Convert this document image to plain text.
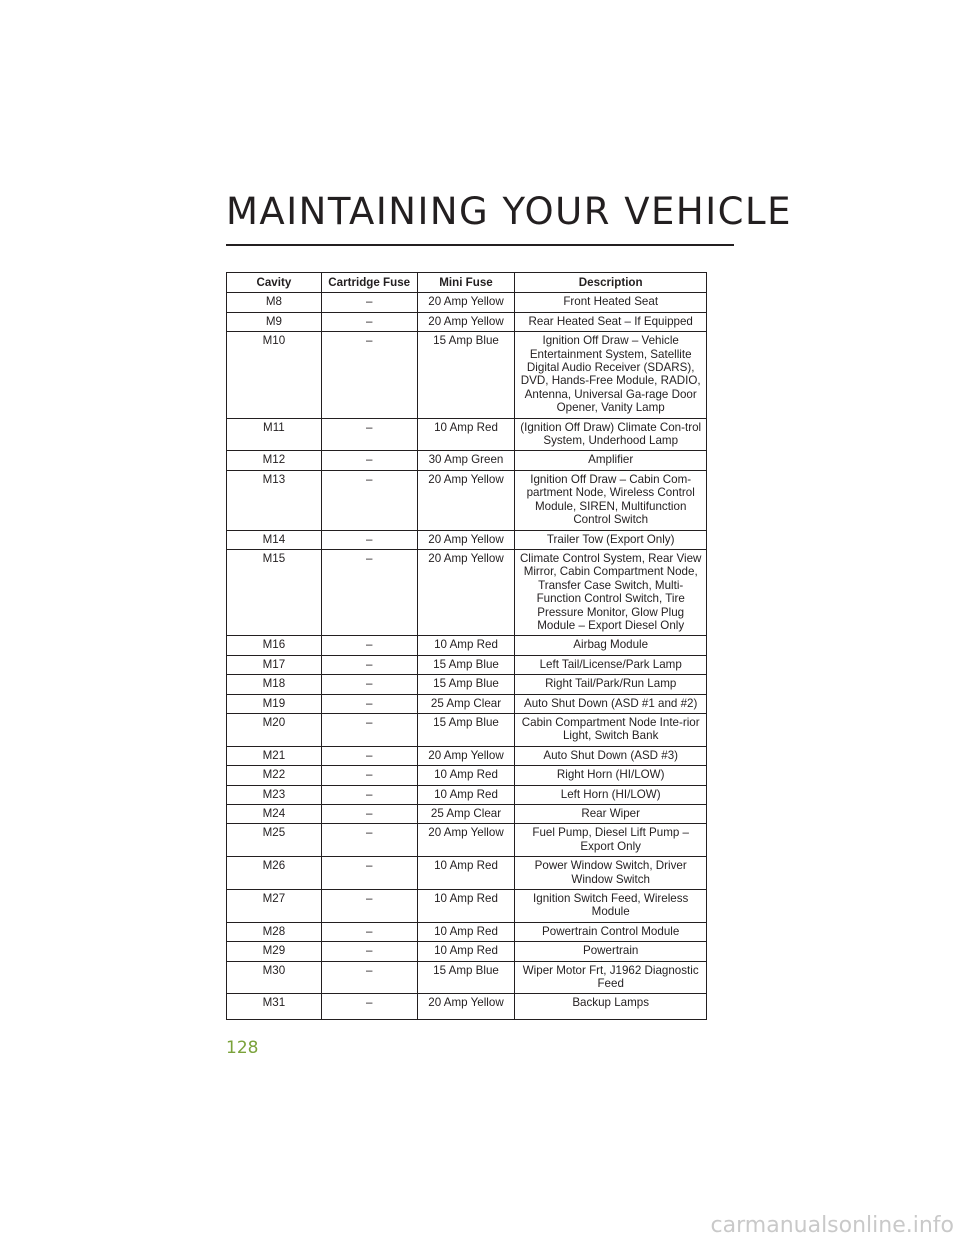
MAINTAINING YOUR VEHICLE
Cavity	Cartridge Fuse	Mini Fuse	Description
M8	–	20 Amp Yellow	Front Heated Seat
M9	–	20 Amp Yellow	Rear Heated Seat – If Equipped
M10	–	15 Amp Blue	Ignition Off Draw – Vehicle Entertainment System, Satellite Digital Audio Receiver (SDARS), DVD, Hands-Free Module, RADIO, Antenna, Universal Ga-rage Door Opener, Vanity Lamp
M11	–	10 Amp Red	(Ignition Off Draw) Climate Con-trol System, Underhood Lamp
M12	–	30 Amp Green	Amplifier
M13	–	20 Amp Yellow	Ignition Off Draw – Cabin Com-partment Node, Wireless Control Module, SIREN, Multifunction Control Switch
M14	–	20 Amp Yellow	Trailer Tow (Export Only)
M15	–	20 Amp Yellow	Climate Control System, Rear View Mirror, Cabin Compartment Node, Transfer Case Switch, Multi-Function Control Switch, Tire Pressure Monitor, Glow Plug Module – Export Diesel Only
M16	–	10 Amp Red	Airbag Module
M17	–	15 Amp Blue	Left Tail/License/Park Lamp
M18	–	15 Amp Blue	Right Tail/Park/Run Lamp
M19	–	25 Amp Clear	Auto Shut Down (ASD #1 and #2)
M20	–	15 Amp Blue	Cabin Compartment Node Inte-rior Light, Switch Bank
M21	–	20 Amp Yellow	Auto Shut Down (ASD #3)
M22	–	10 Amp Red	Right Horn (HI/LOW)
M23	–	10 Amp Red	Left Horn (HI/LOW)
M24	–	25 Amp Clear	Rear Wiper
M25	–	20 Amp Yellow	Fuel Pump, Diesel Lift Pump – Export Only
M26	–	10 Amp Red	Power Window Switch, Driver Window Switch
M27	–	10 Amp Red	Ignition Switch Feed, Wireless Module
M28	–	10 Amp Red	Powertrain Control Module
M29	–	10 Amp Red	Powertrain
M30	–	15 Amp Blue	Wiper Motor Frt, J1962 Diagnostic Feed
M31	–	20 Amp Yellow	Backup Lamps
128
carmanualsonline.info
